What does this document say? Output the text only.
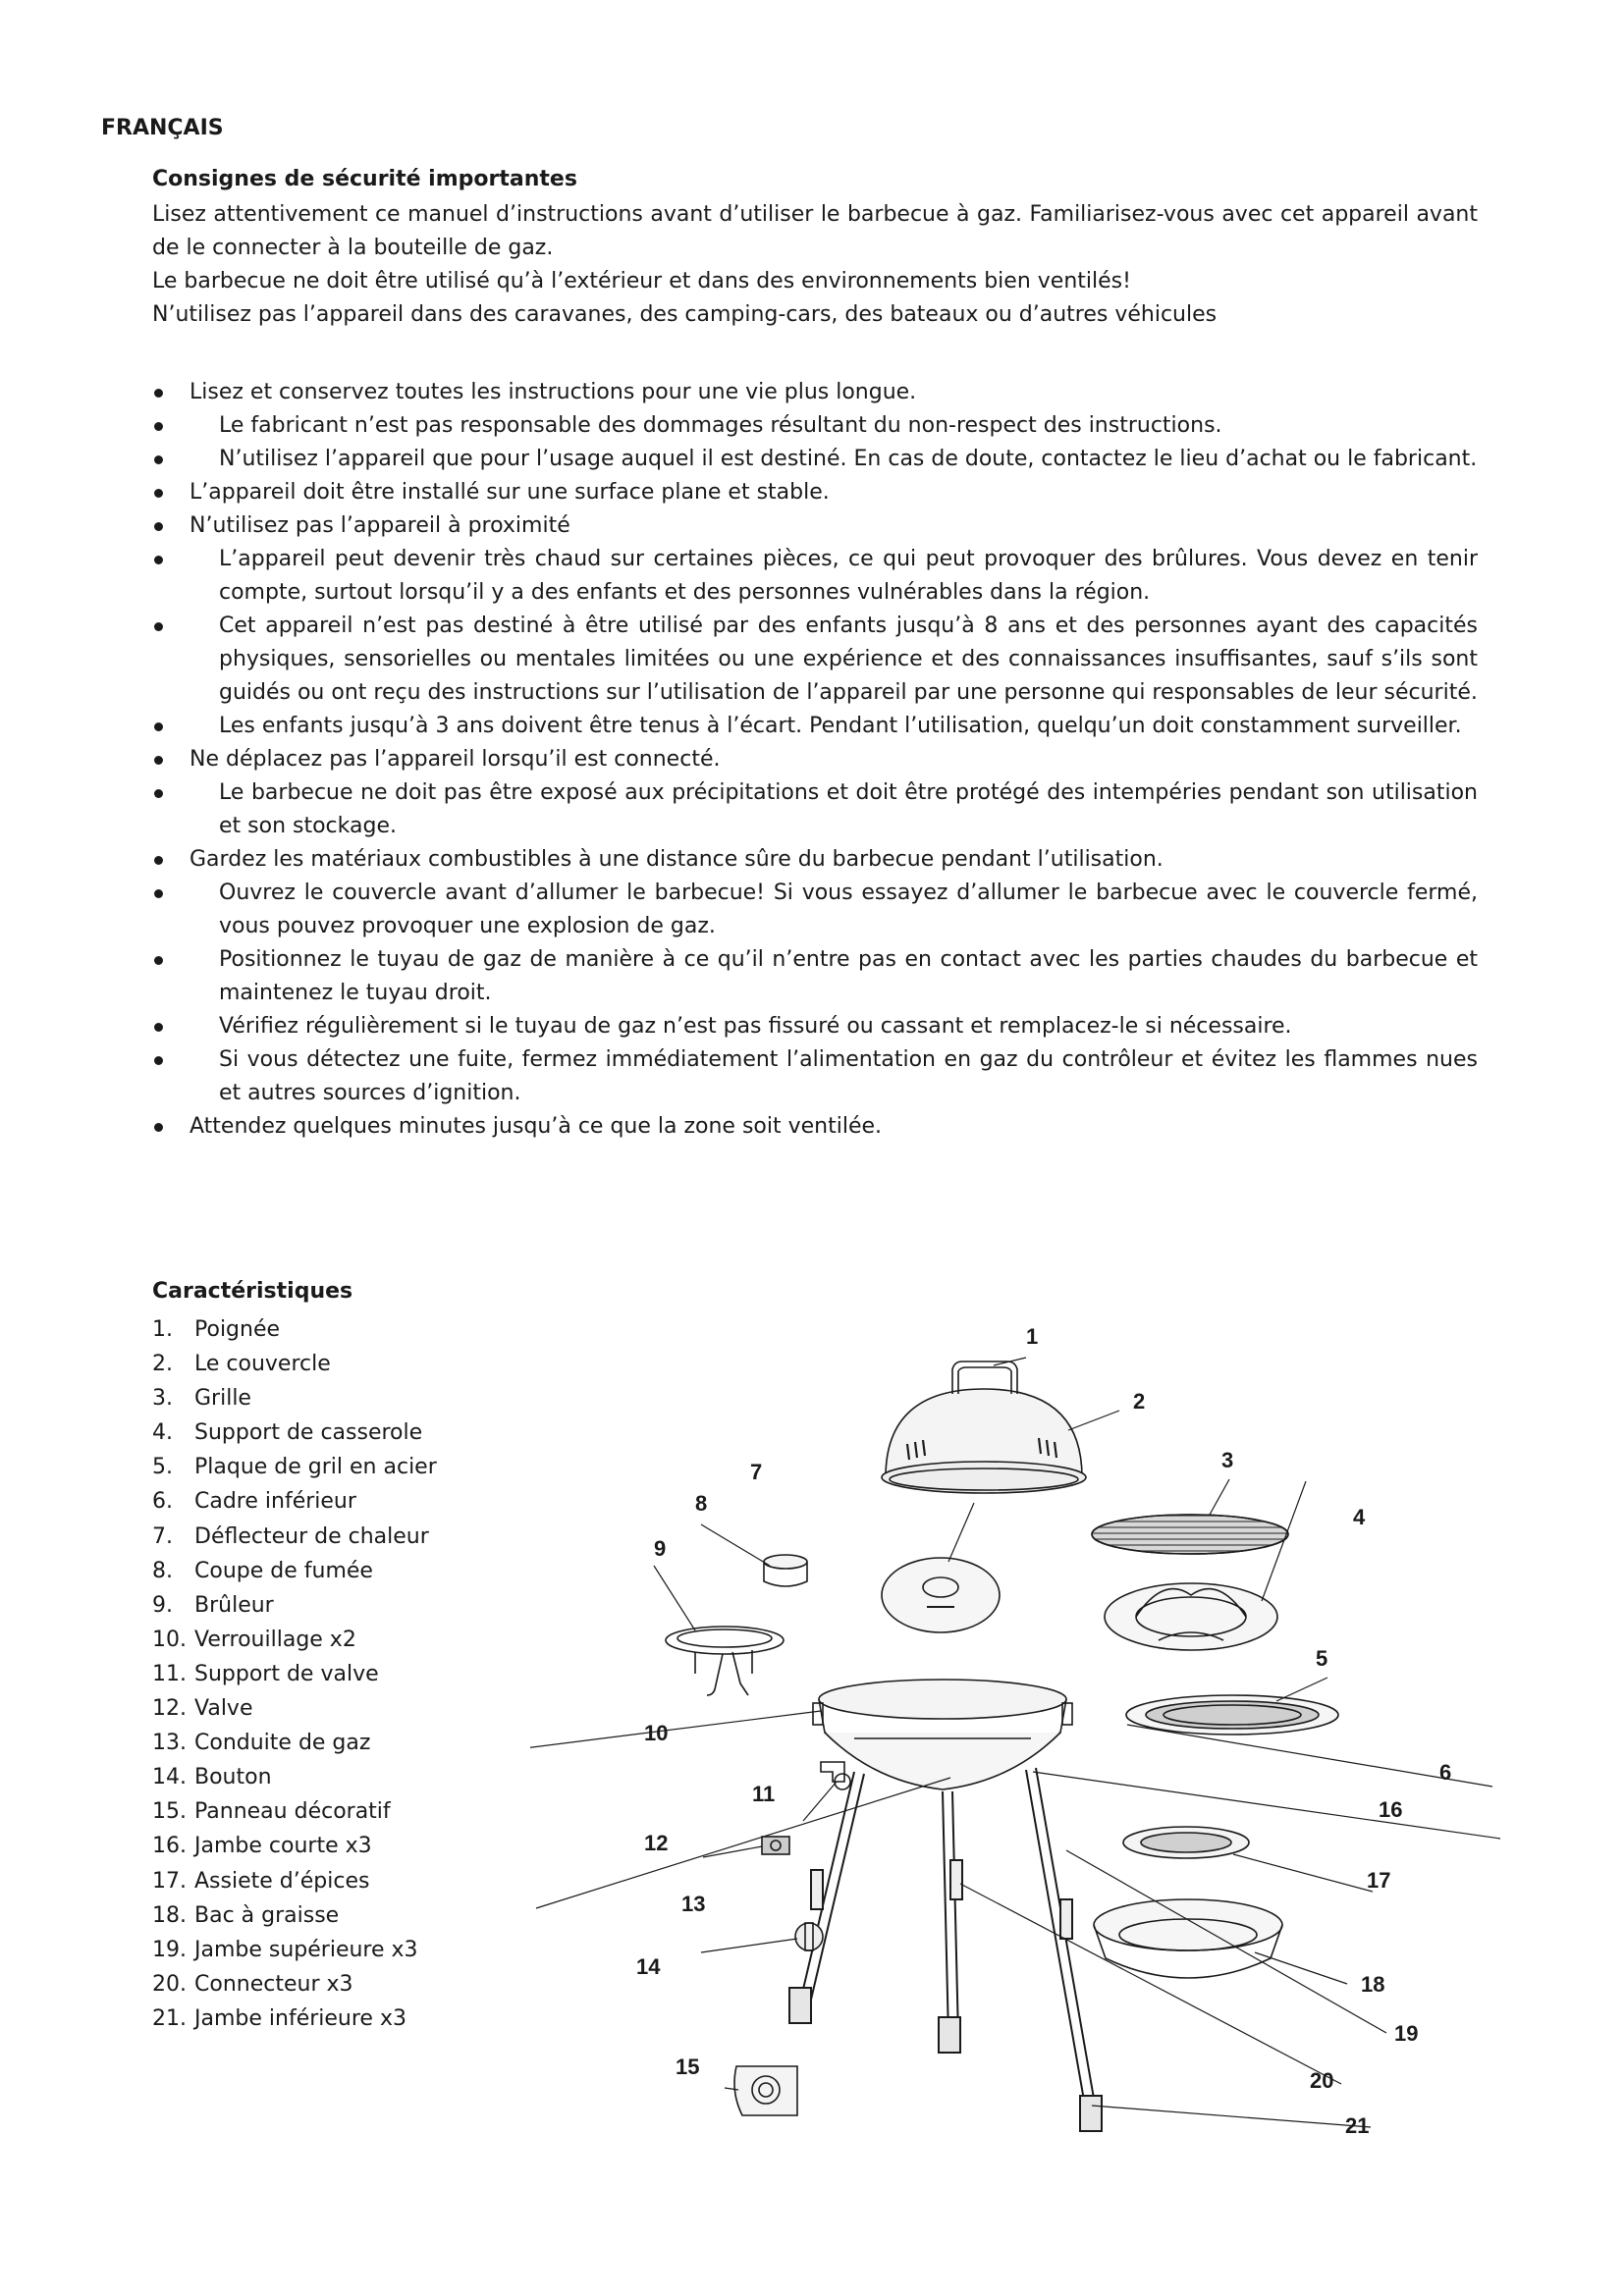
FRANÇAIS
Consignes de sécurité importantes

Lisez attentivement ce manuel d’instructions avant d’utiliser le barbecue à gaz. Familiarisez-vous avec cet appareil avant de le connecter à la bouteille de gaz.

Le barbecue ne doit être utilisé qu’à l’extérieur et dans des environnements bien ventilés!

N’utilisez pas l’appareil dans des caravanes, des camping-cars, des bateaux ou d’autres véhicules

Lisez et conservez toutes les instructions pour une vie plus longue.
Le fabricant n’est pas responsable des dommages résultant du non-respect des instructions.
N’utilisez l’appareil que pour l’usage auquel il est destiné. En cas de doute, contactez le lieu d’achat ou le fabricant.
L’appareil doit être installé sur une surface plane et stable.
N’utilisez pas l’appareil à proximité
L’appareil peut devenir très chaud sur certaines pièces, ce qui peut provoquer des brûlures. Vous devez en tenir compte, surtout lorsqu’il y a des enfants et des personnes vulnérables dans la région.
Cet appareil n’est pas destiné à être utilisé par des enfants jusqu’à 8 ans et des personnes ayant des capacités physiques, sensorielles ou mentales limitées ou une expérience et des connaissances insuffisantes, sauf s’ils sont guidés ou ont reçu des instructions sur l’utilisation de l’appareil par une personne qui responsables de leur sécurité.
Les enfants jusqu’à 3 ans doivent être tenus à l’écart. Pendant l’utilisation, quelqu’un doit constamment surveiller.
Ne déplacez pas l’appareil lorsqu’il est connecté.
Le barbecue ne doit pas être exposé aux précipitations et doit être protégé des intempéries pendant son utilisation et son stockage.
Gardez les matériaux combustibles à une distance sûre du barbecue pendant l’utilisation.
Ouvrez le couvercle avant d’allumer le barbecue! Si vous essayez d’allumer le barbecue avec le couvercle fermé, vous pouvez provoquer une explosion de gaz.
Positionnez le tuyau de gaz de manière à ce qu’il n’entre pas en contact avec les parties chaudes du barbecue et maintenez le tuyau droit.
Vérifiez régulièrement si le tuyau de gaz n’est pas fissuré ou cassant et remplacez-le si nécessaire.
Si vous détectez une fuite, fermez immédiatement l’alimentation en gaz du contrôleur et évitez les flammes nues et autres sources d’ignition.
Attendez quelques minutes jusqu’à ce que la zone soit ventilée.
Caractéristiques
1. Poignée
2. Le couvercle
3. Grille
4. Support de casserole
5. Plaque de gril en acier
6. Cadre inférieur
7. Déflecteur de chaleur
8. Coupe de fumée
9. Brûleur
10. Verrouillage x2
11. Support de valve
12. Valve
13. Conduite de gaz
14. Bouton
15. Panneau décoratif
16. Jambe courte x3
17. Assiete d’épices
18. Bac à graisse
19. Jambe supérieure x3
20. Connecteur x3
21. Jambe inférieure x3
1
2
3
4
5
6
7
8
9
10
11
12
13
14
15
16
17
18
19
20
21
